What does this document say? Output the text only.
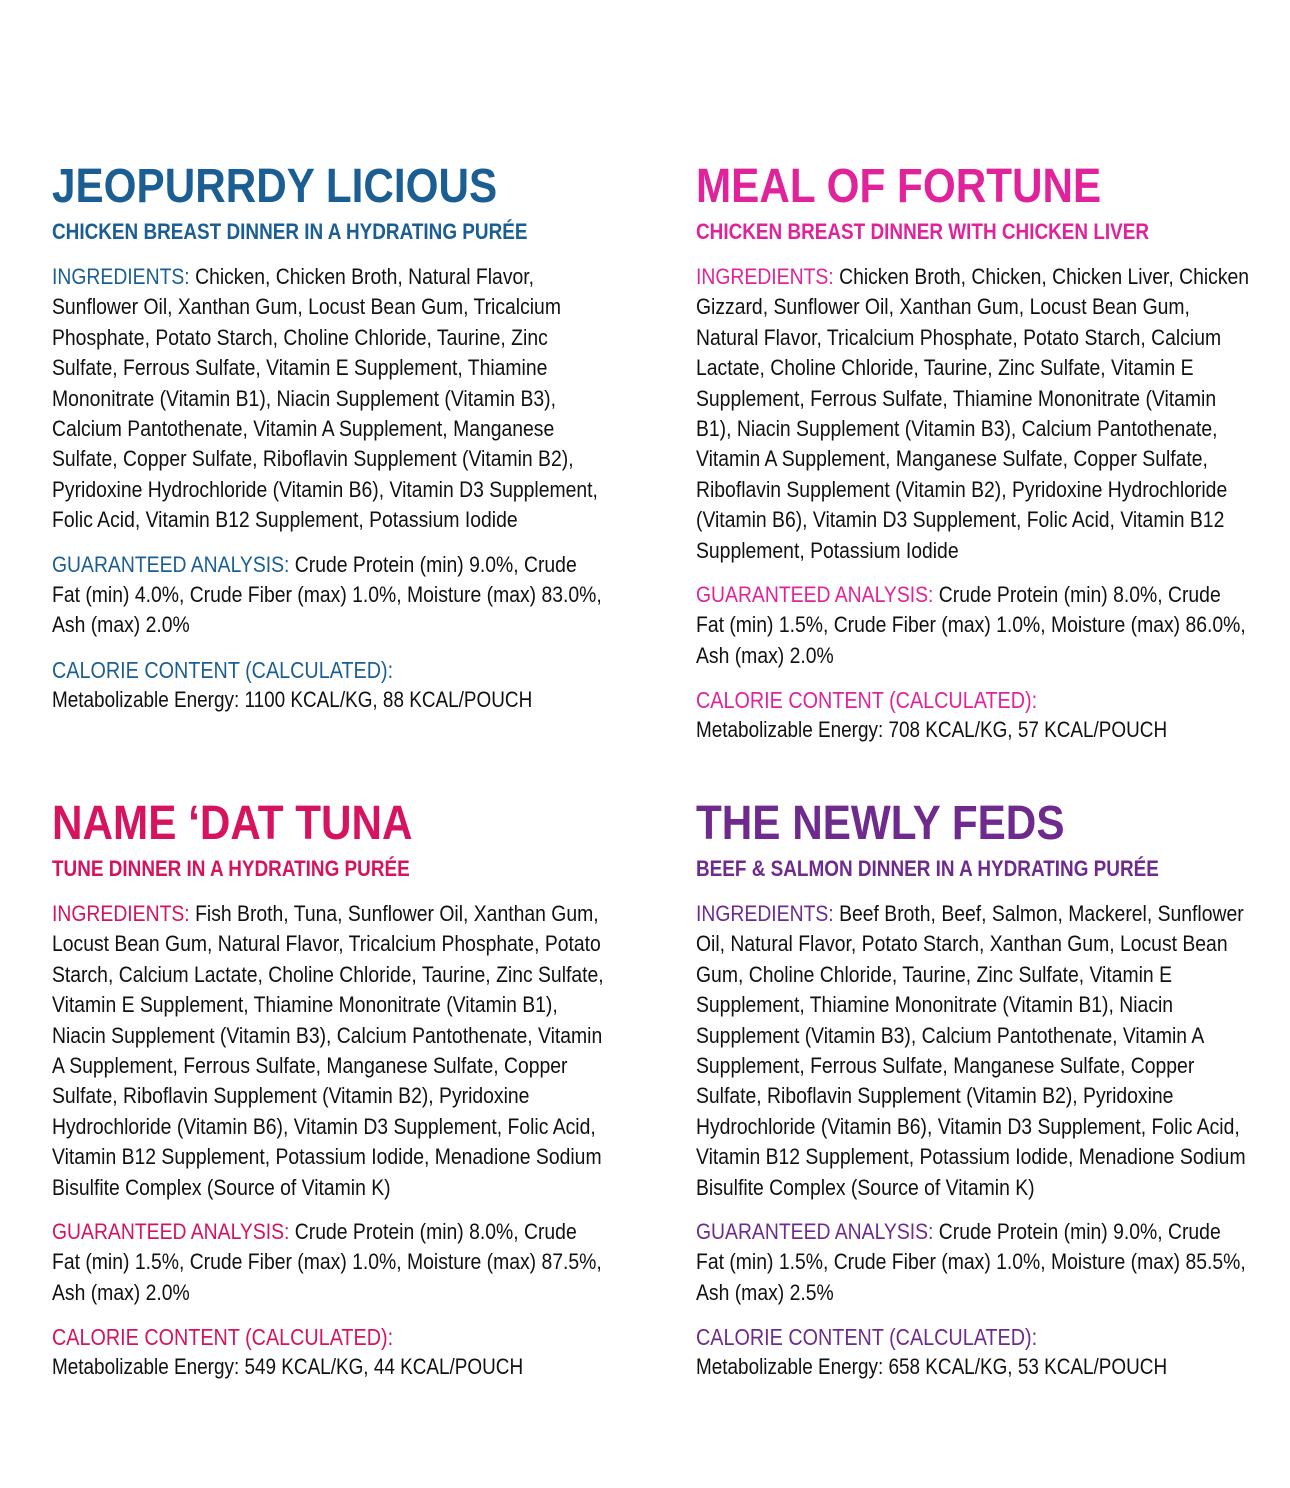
JEOPURRDY LICIOUS
CHICKEN BREAST DINNER IN A HYDRATING PURÉE

INGREDIENTS: Chicken, Chicken Broth, Natural Flavor, Sunflower Oil, Xanthan Gum, Locust Bean Gum, Tricalcium Phosphate, Potato Starch, Choline Chloride, Taurine, Zinc Sulfate, Ferrous Sulfate, Vitamin E Supplement, Thiamine Mononitrate (Vitamin B1), Niacin Supplement (Vitamin B3), Calcium Pantothenate, Vitamin A Supplement, Manganese Sulfate, Copper Sulfate, Riboflavin Supplement (Vitamin B2), Pyridoxine Hydrochloride (Vitamin B6), Vitamin D3 Supplement, Folic Acid, Vitamin B12 Supplement, Potassium Iodide

GUARANTEED ANALYSIS: Crude Protein (min) 9.0%, Crude Fat (min) 4.0%, Crude Fiber (max) 1.0%, Moisture (max) 83.0%, Ash (max) 2.0%

CALORIE CONTENT (CALCULATED):
Metabolizable Energy: 1100 KCAL/KG, 88 KCAL/POUCH
MEAL OF FORTUNE
CHICKEN BREAST DINNER WITH CHICKEN LIVER

INGREDIENTS: Chicken Broth, Chicken, Chicken Liver, Chicken Gizzard, Sunflower Oil, Xanthan Gum, Locust Bean Gum, Natural Flavor, Tricalcium Phosphate, Potato Starch, Calcium Lactate, Choline Chloride, Taurine, Zinc Sulfate, Vitamin E Supplement, Ferrous Sulfate, Thiamine Mononitrate (Vitamin B1), Niacin Supplement (Vitamin B3), Calcium Pantothenate, Vitamin A Supplement, Manganese Sulfate, Copper Sulfate, Riboflavin Supplement (Vitamin B2), Pyridoxine Hydrochloride (Vitamin B6), Vitamin D3 Supplement, Folic Acid, Vitamin B12 Supplement, Potassium Iodide

GUARANTEED ANALYSIS: Crude Protein (min) 8.0%, Crude Fat (min) 1.5%, Crude Fiber (max) 1.0%, Moisture (max) 86.0%, Ash (max) 2.0%

CALORIE CONTENT (CALCULATED):
Metabolizable Energy: 708 KCAL/KG, 57 KCAL/POUCH
NAME ‘DAT TUNA
TUNE DINNER IN A HYDRATING PURÉE

INGREDIENTS: Fish Broth, Tuna, Sunflower Oil, Xanthan Gum, Locust Bean Gum, Natural Flavor, Tricalcium Phosphate, Potato Starch, Calcium Lactate, Choline Chloride, Taurine, Zinc Sulfate, Vitamin E Supplement, Thiamine Mononitrate (Vitamin B1), Niacin Supplement (Vitamin B3), Calcium Pantothenate, Vitamin A Supplement, Ferrous Sulfate, Manganese Sulfate, Copper Sulfate, Riboflavin Supplement (Vitamin B2), Pyridoxine Hydrochloride (Vitamin B6), Vitamin D3 Supplement, Folic Acid, Vitamin B12 Supplement, Potassium Iodide, Menadione Sodium Bisulfite Complex (Source of Vitamin K)

GUARANTEED ANALYSIS: Crude Protein (min) 8.0%, Crude Fat (min) 1.5%, Crude Fiber (max) 1.0%, Moisture (max) 87.5%, Ash (max) 2.0%

CALORIE CONTENT (CALCULATED):
Metabolizable Energy: 549 KCAL/KG, 44 KCAL/POUCH
THE NEWLY FEDS
BEEF & SALMON DINNER IN A HYDRATING PURÉE

INGREDIENTS: Beef Broth, Beef, Salmon, Mackerel, Sunflower Oil, Natural Flavor, Potato Starch, Xanthan Gum, Locust Bean Gum, Choline Chloride, Taurine, Zinc Sulfate, Vitamin E Supplement, Thiamine Mononitrate (Vitamin B1), Niacin Supplement (Vitamin B3), Calcium Pantothenate, Vitamin A Supplement, Ferrous Sulfate, Manganese Sulfate, Copper Sulfate, Riboflavin Supplement (Vitamin B2), Pyridoxine Hydrochloride (Vitamin B6), Vitamin D3 Supplement, Folic Acid, Vitamin B12 Supplement, Potassium Iodide, Menadione Sodium Bisulfite Complex (Source of Vitamin K)

GUARANTEED ANALYSIS: Crude Protein (min) 9.0%, Crude Fat (min) 1.5%, Crude Fiber (max) 1.0%, Moisture (max) 85.5%, Ash (max) 2.5%

CALORIE CONTENT (CALCULATED):
Metabolizable Energy: 658 KCAL/KG, 53 KCAL/POUCH
